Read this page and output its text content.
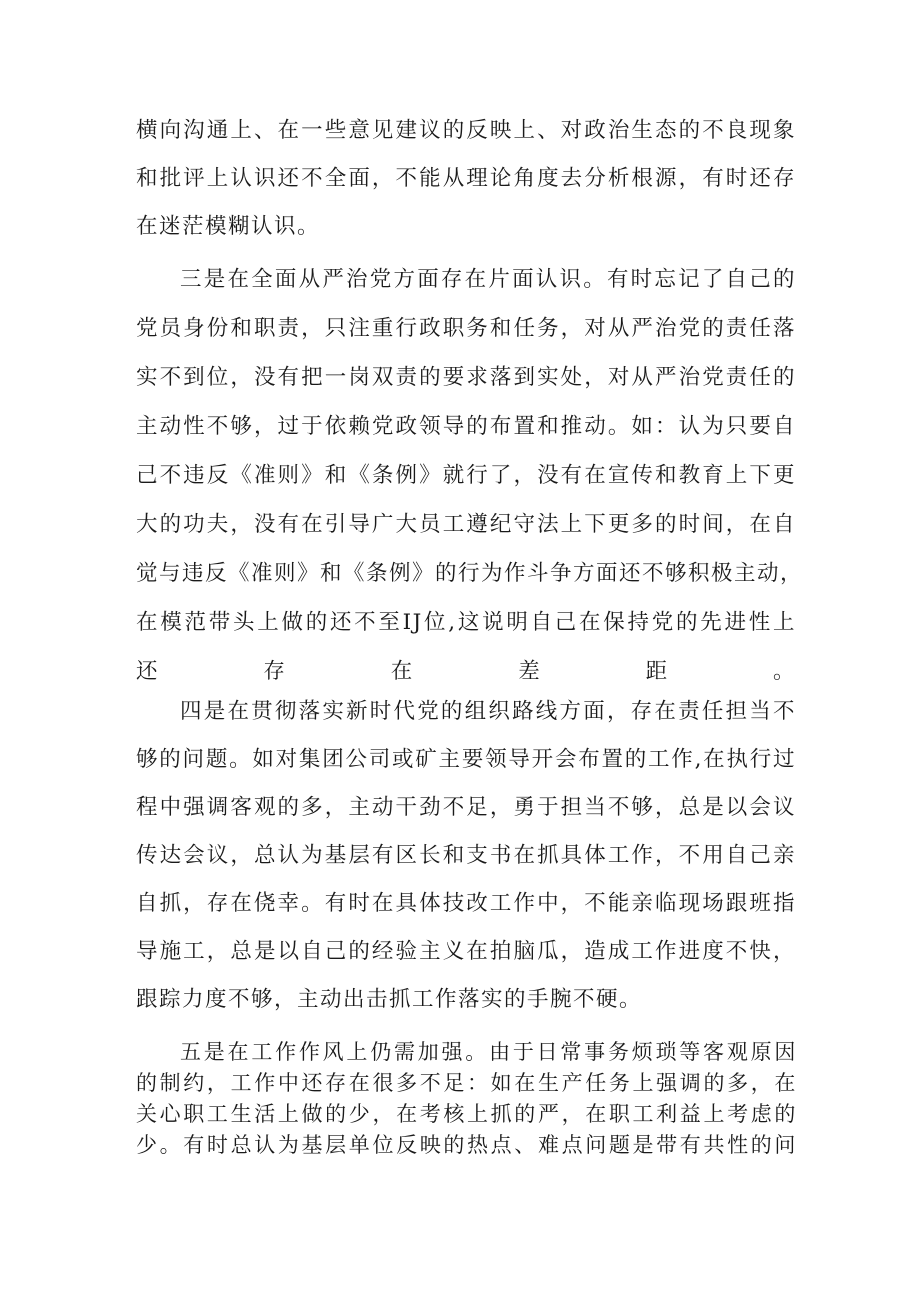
横向沟通上、在一些意见建议的反映上、对政治生态的不良现象

和批评上认识还不全面，不能从理论角度去分析根源，有时还存

在迷茫模糊认识。

三是在全面从严治党方面存在片面认识。有时忘记了自己的

党员身份和职责，只注重行政职务和任务，对从严治党的责任落

实不到位，没有把一岗双责的要求落到实处，对从严治党责任的

主动性不够，过于依赖党政领导的布置和推动。如：认为只要自

己不违反《准则》和《条例》就行了，没有在宣传和教育上下更

大的功夫，没有在引导广大员工遵纪守法上下更多的时间，在自

觉与违反《准则》和《条例》的行为作斗争方面还不够积极主动，

在模范带头上做的还不至IJ位,这说明自己在保持党的先进性上

还存在差距。

四是在贯彻落实新时代党的组织路线方面，存在责任担当不

够的问题。如对集团公司或矿主要领导开会布置的工作,在执行过

程中强调客观的多，主动干劲不足，勇于担当不够，总是以会议

传达会议，总认为基层有区长和支书在抓具体工作，不用自己亲

自抓，存在侥幸。有时在具体技改工作中，不能亲临现场跟班指

导施工，总是以自己的经验主义在拍脑瓜，造成工作进度不快，

跟踪力度不够，主动出击抓工作落实的手腕不硬。

五是在工作作风上仍需加强。由于日常事务烦琐等客观原因

的制约，工作中还存在很多不足：如在生产任务上强调的多，在

关心职工生活上做的少，在考核上抓的严，在职工利益上考虑的

少。有时总认为基层单位反映的热点、难点问题是带有共性的问
